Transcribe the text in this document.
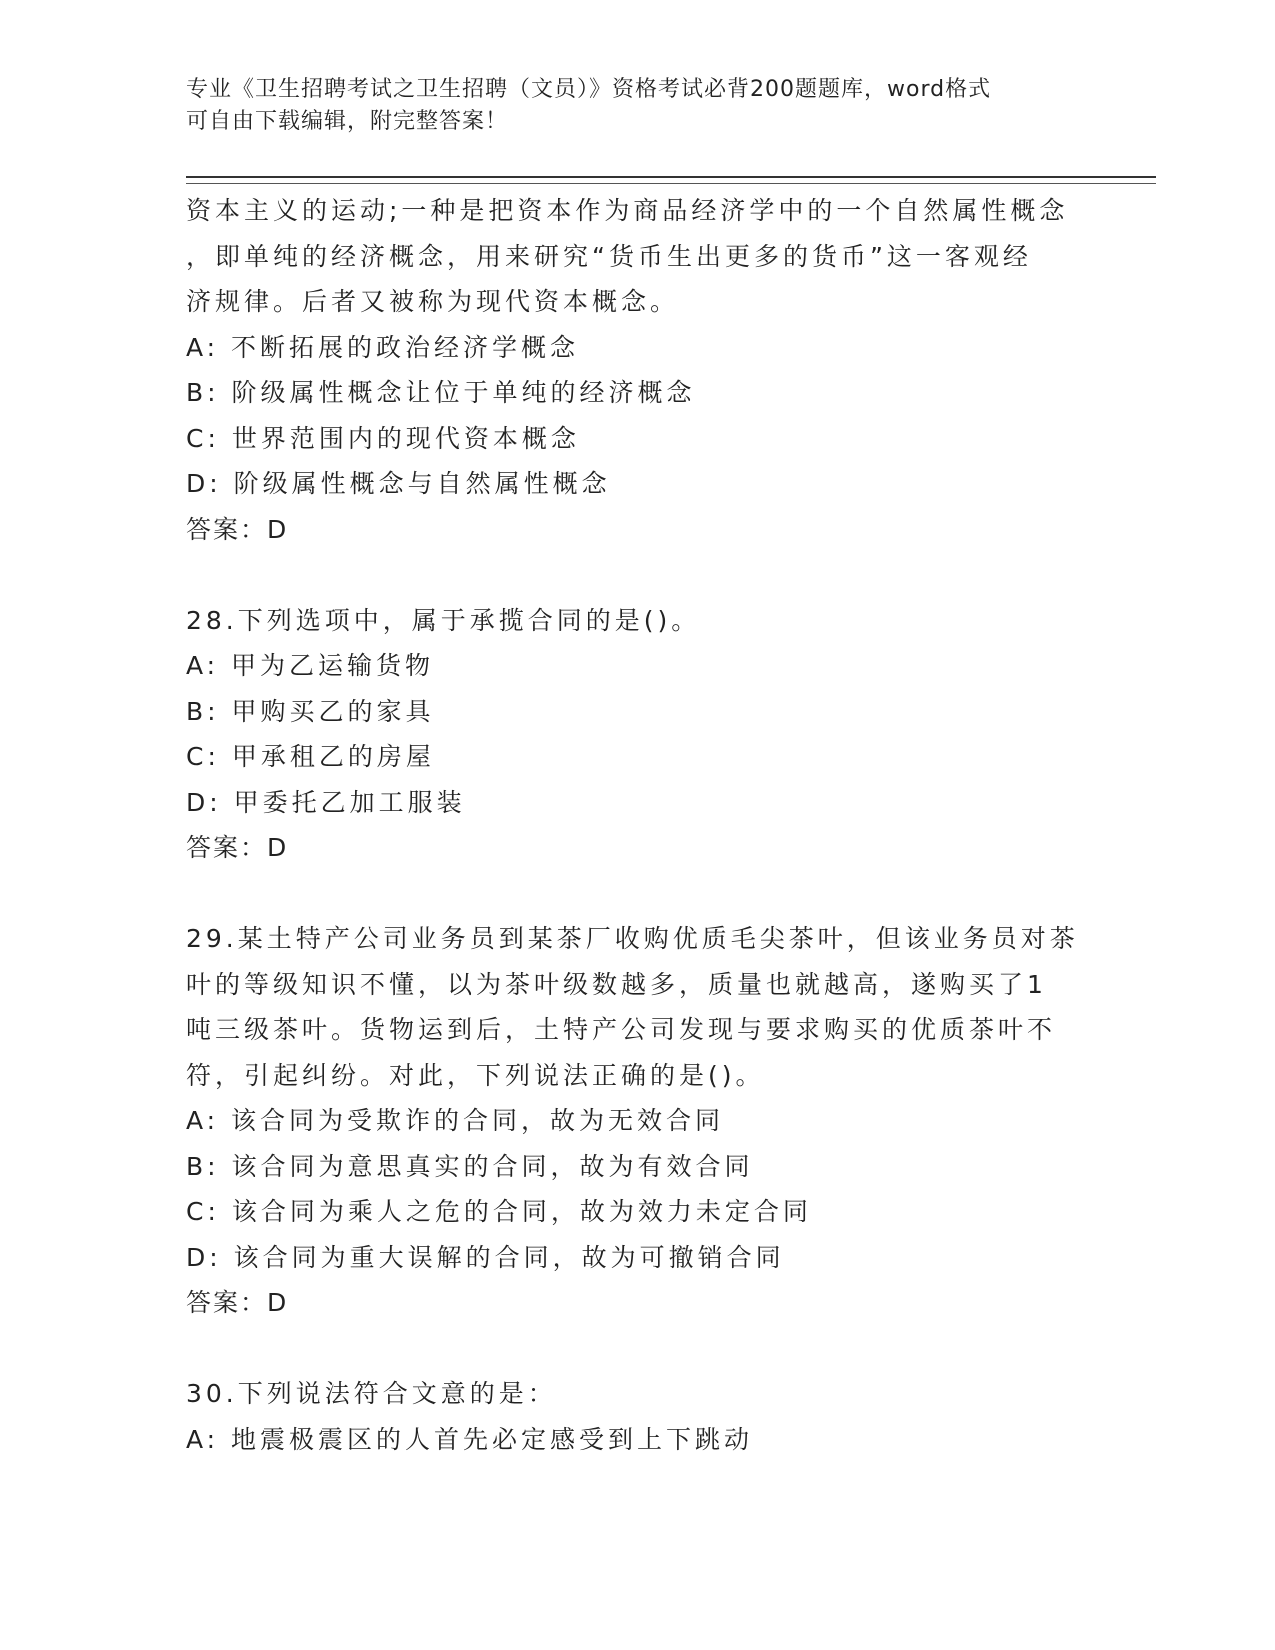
专业《卫生招聘考试之卫生招聘（文员）》资格考试必背200题题库，word格式
可自由下载编辑，附完整答案！
资本主义的运动;一种是把资本作为商品经济学中的一个自然属性概念
，即单纯的经济概念，用来研究“货币生出更多的货币”这一客观经
济规律。后者又被称为现代资本概念。
A: 不断拓展的政治经济学概念
B: 阶级属性概念让位于单纯的经济概念
C: 世界范围内的现代资本概念
D: 阶级属性概念与自然属性概念
答案：D
28.下列选项中，属于承揽合同的是()。
A: 甲为乙运输货物
B: 甲购买乙的家具
C: 甲承租乙的房屋
D: 甲委托乙加工服装
答案：D
29.某土特产公司业务员到某茶厂收购优质毛尖茶叶，但该业务员对茶
叶的等级知识不懂，以为茶叶级数越多，质量也就越高，遂购买了1
吨三级茶叶。货物运到后，土特产公司发现与要求购买的优质茶叶不
符，引起纠纷。对此，下列说法正确的是()。
A: 该合同为受欺诈的合同，故为无效合同
B: 该合同为意思真实的合同，故为有效合同
C: 该合同为乘人之危的合同，故为效力未定合同
D: 该合同为重大误解的合同，故为可撤销合同
答案：D
30.下列说法符合文意的是：
A: 地震极震区的人首先必定感受到上下跳动
